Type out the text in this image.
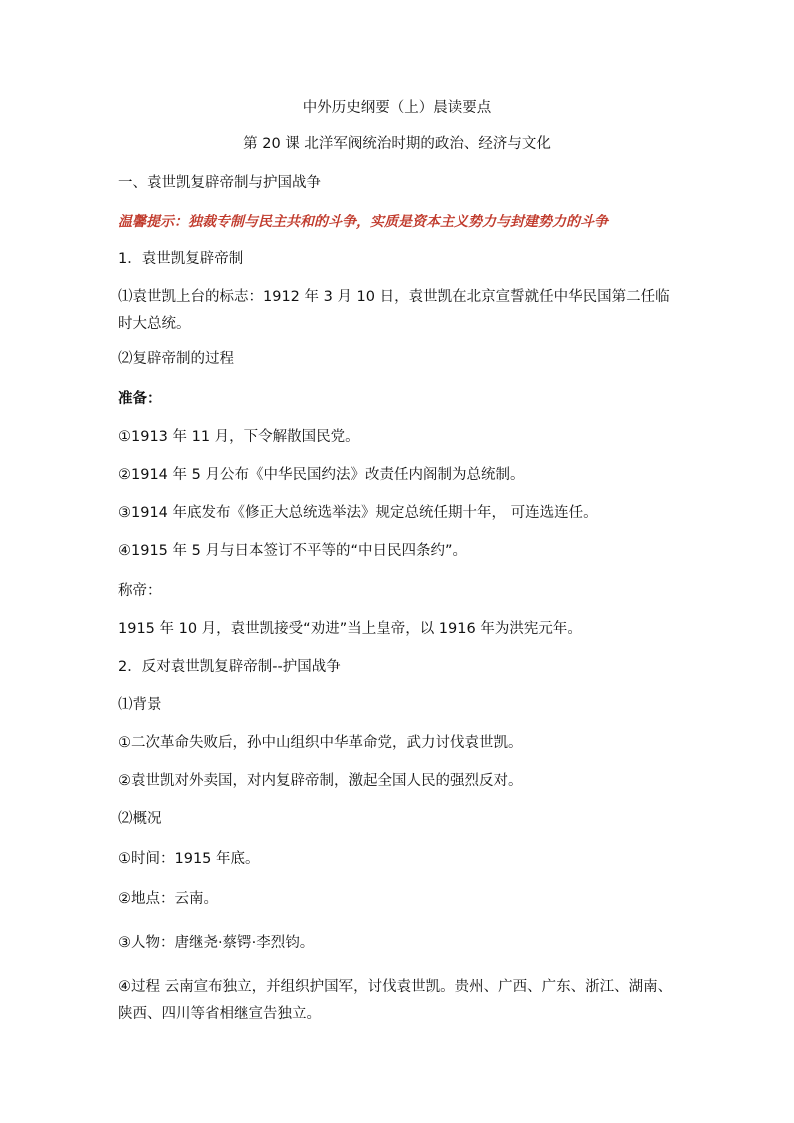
中外历史纲要（上）晨读要点
第 20 课 北洋军阀统治时期的政治、经济与文化
一、袁世凯复辟帝制与护国战争
温馨提示：独裁专制与民主共和的斗争，实质是资本主义势力与封建势力的斗争
1．袁世凯复辟帝制
⑴袁世凯上台的标志：1912 年 3 月 10 日，袁世凯在北京宣誓就任中华民国第二任临时大总统。
⑵复辟帝制的过程
准备：
①1913 年 11 月，下令解散国民党。
②1914 年 5 月公布《中华民国约法》改责任内阁制为总统制。
③1914 年底发布《修正大总统选举法》规定总统任期十年， 可连选连任。
④1915 年 5 月与日本签订不平等的“中日民四条约”。
称帝：
1915 年 10 月，袁世凯接受“劝进”当上皇帝，以 1916 年为洪宪元年。
2．反对袁世凯复辟帝制--护国战争
⑴背景
①二次革命失败后，孙中山组织中华革命党，武力讨伐袁世凯。
②袁世凯对外卖国，对内复辟帝制，激起全国人民的强烈反对。
⑵概况
①时间：1915 年底。
②地点：云南。
③人物：唐继尧·蔡锷·李烈钧。
④过程 云南宣布独立，并组织护国军，讨伐袁世凯。贵州、广西、广东、浙江、湖南、陕西、四川等省相继宣告独立。
